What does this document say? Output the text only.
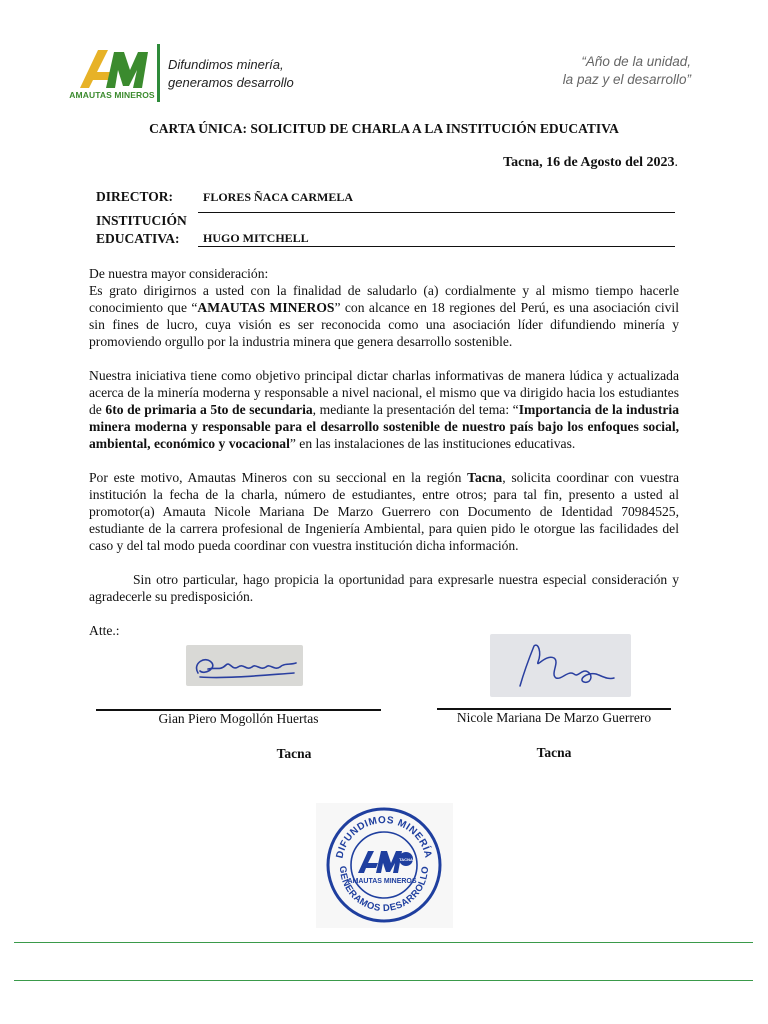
AMAUTAS MINEROS
Difundimos minería,
generamos desarrollo
“Año de la unidad,
la paz y el desarrollo”
CARTA ÚNICA: SOLICITUD DE CHARLA A LA INSTITUCIÓN EDUCATIVA
Tacna, 16 de Agosto del 2023.
DIRECTOR: FLORES ÑACA CARMELA
INSTITUCIÓN
EDUCATIVA:	HUGO MITCHELL

De nuestra mayor consideración:

Es grato dirigirnos a usted con la finalidad de saludarlo (a) cordialmente y al mismo tiempo hacerle conocimiento que “AMAUTAS MINEROS” con alcance en 18 regiones del Perú, es una asociación civil sin fines de lucro, cuya visión es ser reconocida como una asociación líder difundiendo minería y promoviendo orgullo por la industria minera que genera desarrollo sostenible.

Nuestra iniciativa tiene como objetivo principal dictar charlas informativas de manera lúdica y actualizada acerca de la minería moderna y responsable a nivel nacional, el mismo que va dirigido hacia los estudiantes de 6to de primaria a 5to de secundaria, mediante la presentación del tema: “Importancia de la industria minera moderna y responsable para el desarrollo sostenible de nuestro país bajo los enfoques social, ambiental, económico y vocacional” en las instalaciones de las instituciones educativas.

Por este motivo, Amautas Mineros con su seccional en la región Tacna, solicita coordinar con vuestra institución la fecha de la charla, número de estudiantes, entre otros; para tal fin, presento a usted al promotor(a) Amauta Nicole Mariana De Marzo Guerrero con Documento de Identidad 70984525, estudiante de la carrera profesional de Ingeniería Ambiental, para quien pido le otorgue las facilidades del caso y del tal modo pueda coordinar con vuestra institución dicha información.

Sin otro particular, hago propicia la oportunidad para expresarle nuestra especial consideración y agradecerle su predisposición.

Atte.:

Gian Piero Mogollón Huertas	Nicole Mariana De Marzo Guerrero
Tacna	Tacna
DIFUNDIMOS MINERÍA
GENERAMOS DESARROLLO
TACNA
AMAUTAS MINEROS
